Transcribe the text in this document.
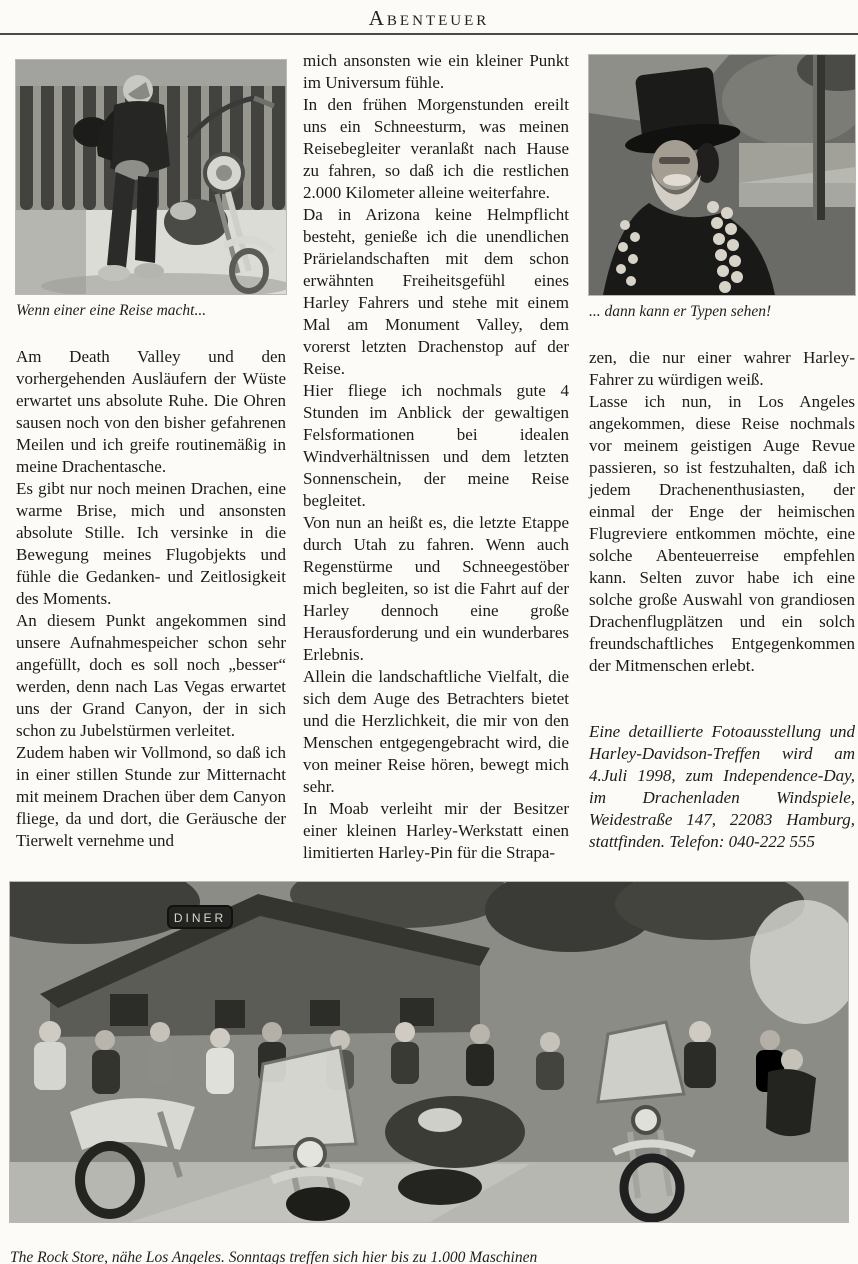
Abenteuer

Wenn einer eine Reise macht...

Am Death Valley und den vorhergehenden Ausläufern der Wüste erwartet uns absolute Ruhe. Die Ohren sausen noch von den bisher gefahrenen Meilen und ich greife routinemäßig in meine Drachentasche.

Es gibt nur noch meinen Drachen, eine warme Brise, mich und ansonsten absolute Stille. Ich versinke in die Bewegung meines Flugobjekts und fühle die Gedanken- und Zeitlosigkeit des Moments.

An diesem Punkt angekommen sind unsere Aufnahmespeicher schon sehr angefüllt, doch es soll noch „besser“ werden, denn nach Las Vegas erwartet uns der Grand Canyon, der in sich schon zu Jubelstürmen verleitet.

Zudem haben wir Vollmond, so daß ich in einer stillen Stunde zur Mitternacht mit meinem Drachen über dem Canyon fliege, da und dort, die Geräusche der Tierwelt vernehme und

mich ansonsten wie ein kleiner Punkt im Universum fühle.

In den frühen Morgenstunden ereilt uns ein Schneesturm, was meinen Reisebegleiter veranlaßt nach Hause zu fahren, so daß ich die restlichen 2.000 Kilometer alleine weiterfahre.

Da in Arizona keine Helmpflicht besteht, genieße ich die unendlichen Prärielandschaften mit dem schon erwähnten Freiheitsgefühl eines Harley Fahrers und stehe mit einem Mal am Monument Valley, dem vorerst letzten Drachenstop auf der Reise.

Hier fliege ich nochmals gute 4 Stunden im Anblick der gewaltigen Felsformationen bei idealen Windverhältnissen und dem letzten Sonnenschein, der meine Reise begleitet.

Von nun an heißt es, die letzte Etappe durch Utah zu fahren. Wenn auch Regenstürme und Schneegestöber mich begleiten, so ist die Fahrt auf der Harley dennoch eine große Herausforderung und ein wunderbares Erlebnis.

Allein die landschaftliche Vielfalt, die sich dem Auge des Betrachters bietet und die Herzlichkeit, die mir von den Menschen entgegengebracht wird, die von meiner Reise hören, bewegt mich sehr.

In Moab verleiht mir der Besitzer einer kleinen Harley-Werkstatt einen limitierten Harley-Pin für die Strapa-

... dann kann er Typen sehen!

zen, die nur einer wahrer Harley-Fahrer zu würdigen weiß.

Lasse ich nun, in Los Angeles angekommen, diese Reise nochmals vor meinem geistigen Auge Revue passieren, so ist festzuhalten, daß ich jedem Drachenenthusiasten, der einmal der Enge der heimischen Flugreviere entkommen möchte, eine solche Abenteuerreise empfehlen kann. Selten zuvor habe ich eine solche große Auswahl von grandiosen Drachenflugplätzen und ein solch freundschaftliches Entgegenkommen der Mitmenschen erlebt.

Eine detaillierte Fotoausstellung und Harley-Davidson-Treffen wird am 4.Juli 1998, zum Independence-Day, im Drachenladen Windspiele, Weidestraße 147, 22083 Hamburg, stattfinden. Telefon: 040-222 555

DINER

The Rock Store, nähe Los Angeles. Sonntags treffen sich hier bis zu 1.000 Maschinen
